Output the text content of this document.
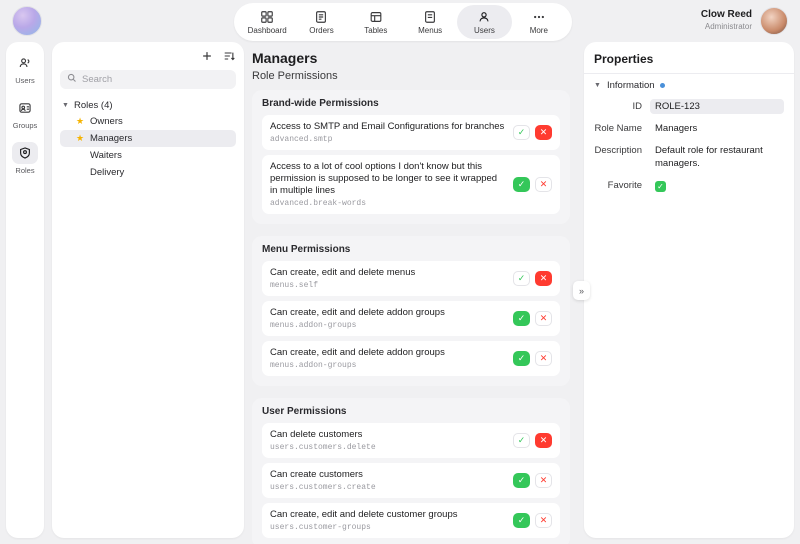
Dashboard	Orders	Tables	Menus	Users	More
Clow Reed
Administrator
Users
Groups
Roles
Search
▼ Roles (4)
★ Owners
★ Managers
Waiters
Delivery
Managers
Role Permissions
Brand-wide Permissions
Access to SMTP and Email Configurations for branches
advanced.smtp
✓	✕
Access to a lot of cool options I don't know but this permission is supposed to be longer to see it wrapped in multiple lines
advanced.break-words
✓	✕
Menu Permissions
Can create, edit and delete menus
menus.self
✓	✕
Can create, edit and delete addon groups
menus.addon-groups
✓	✕
Can create, edit and delete addon groups
menus.addon-groups
✓	✕
User Permissions
Can delete customers
users.customers.delete
✓	✕
Can create customers
users.customers.create
✓	✕
Can create, edit and delete customer groups
users.customer-groups
✓	✕
»
Properties
▼ Information
ID	ROLE-123
Role Name	Managers
Description	Default role for restaurant managers.
Favorite	✓
